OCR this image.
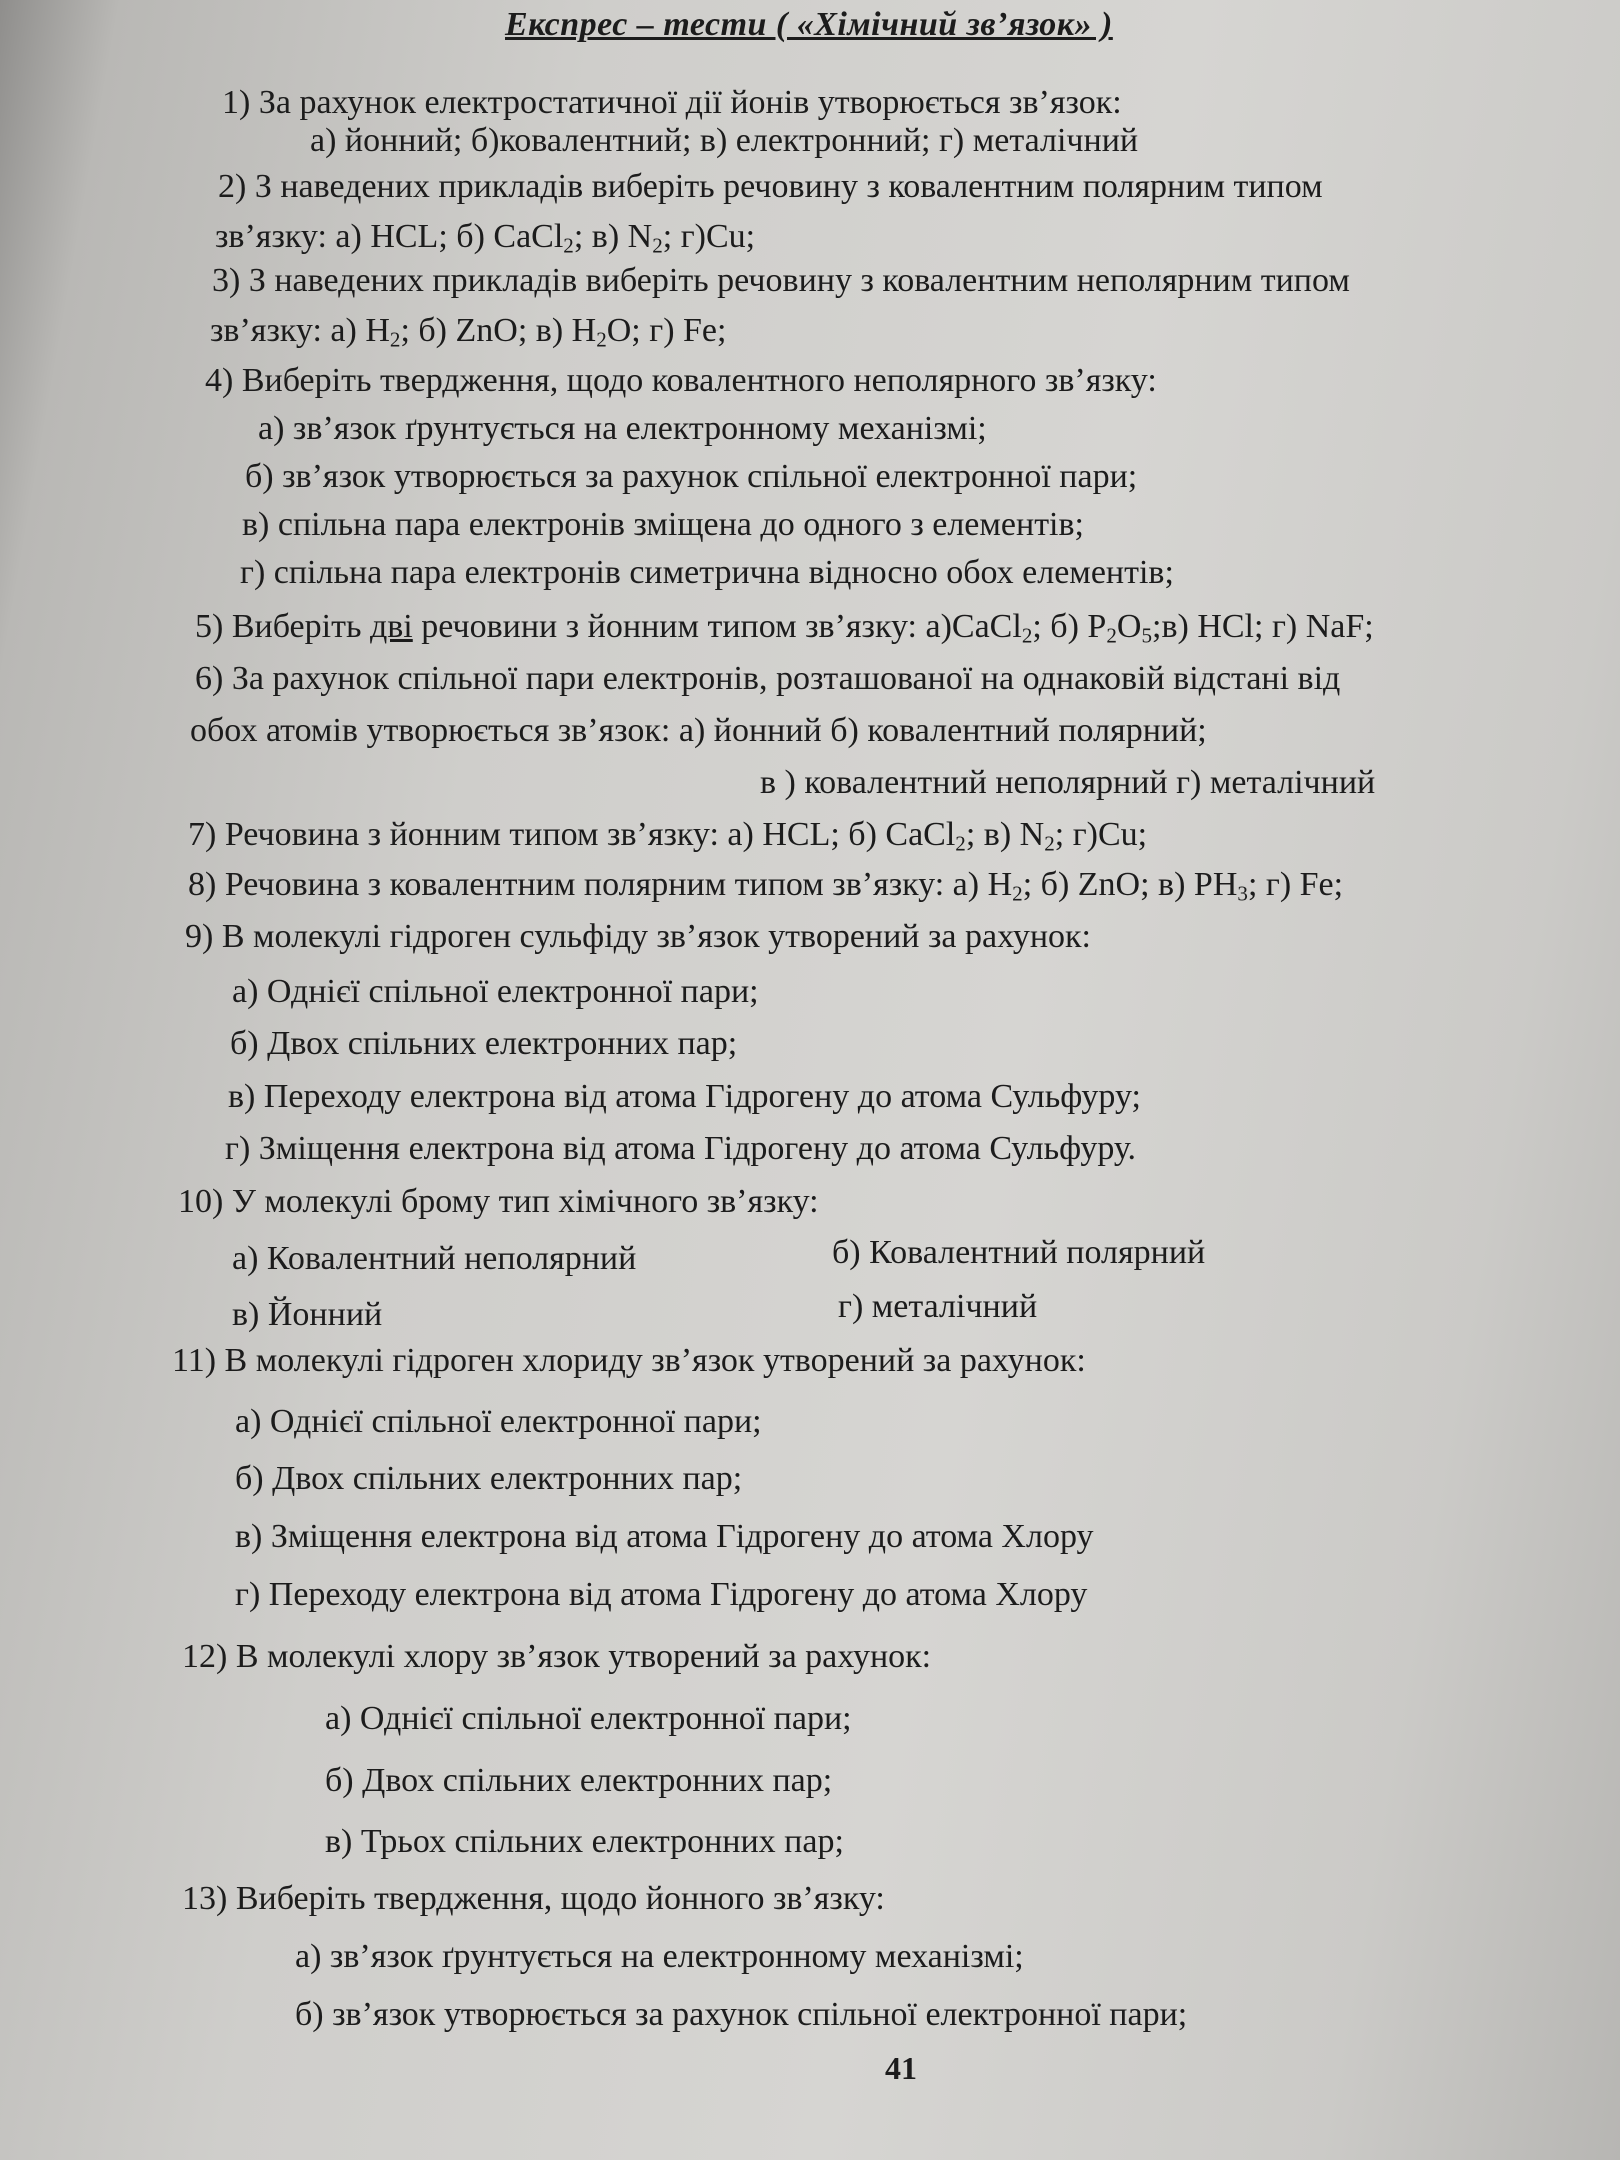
Експрес – тести ( «Хімічний зв’язок» )
1) За рахунок електростатичної дії йонів утворюється зв’язок:
а) йонний; б)ковалентний; в) електронний; г) металічний
2) З наведених прикладів виберіть речовину з ковалентним полярним типом
зв’язку: а) HCL; б) CaCl$_2$; в) $N_2$; г)Cu;
3) З наведених прикладів виберіть речовину з ковалентним неполярним типом
зв’язку: а) $H_2$; б) ZnO; в) $H_2O$; г) Fe;
4) Виберіть твердження, щодо ковалентного неполярного зв’язку:
а) зв’язок ґрунтується на електронному механізмі;
б) зв’язок утворюється за рахунок спільної електронної пари;
в) спільна пара електронів зміщена до одного з елементів;
г) спільна пара електронів симетрична відносно обох елементів;
5) Виберіть дві речовини з йонним типом зв’язку: а)CaCl$_2$; б) $P_2O_5;в$) HCl; г) NaF;
6) За рахунок спільної пари електронів, розташованої на однаковій відстані від
обох атомів утворюється зв’язок: а) йонний б) ковалентний полярний;
в ) ковалентний неполярний г) металічний
7) Речовина з йонним типом зв’язку: а) HCL; б) CaCl$_2$; в) $N_2$; г)Cu;
8) Речовина з ковалентним полярним типом зв’язку: а) $H_2$; б) ZnO; в) $PH_3$; г) Fe;
9) В молекулі гідроген сульфіду зв’язок утворений за рахунок:
а) Однієї спільної електронної пари;
б) Двох спільних електронних пар;
в) Переходу електрона від атома Гідрогену до атома Сульфуру;
г) Зміщення електрона від атома Гідрогену до атома Сульфуру.
10) У молекулі брому тип хімічного зв’язку:
а) Ковалентний неполярний	б) Ковалентний полярний
в) Йонний	г) металічний
11) В молекулі гідроген хлориду зв’язок утворений за рахунок:
а) Однієї спільної електронної пари;
б) Двох спільних електронних пар;
в) Зміщення електрона від атома Гідрогену до атома Хлору
г) Переходу електрона від атома Гідрогену до атома Хлору
12) В молекулі хлору зв’язок утворений за рахунок:
а) Однієї спільної електронної пари;
б) Двох спільних електронних пар;
в) Трьох спільних електронних пар;
13) Виберіть твердження, щодо йонного зв’язку:
а) зв’язок ґрунтується на електронному механізмі;
б) зв’язок утворюється за рахунок спільної електронної пари;
41
